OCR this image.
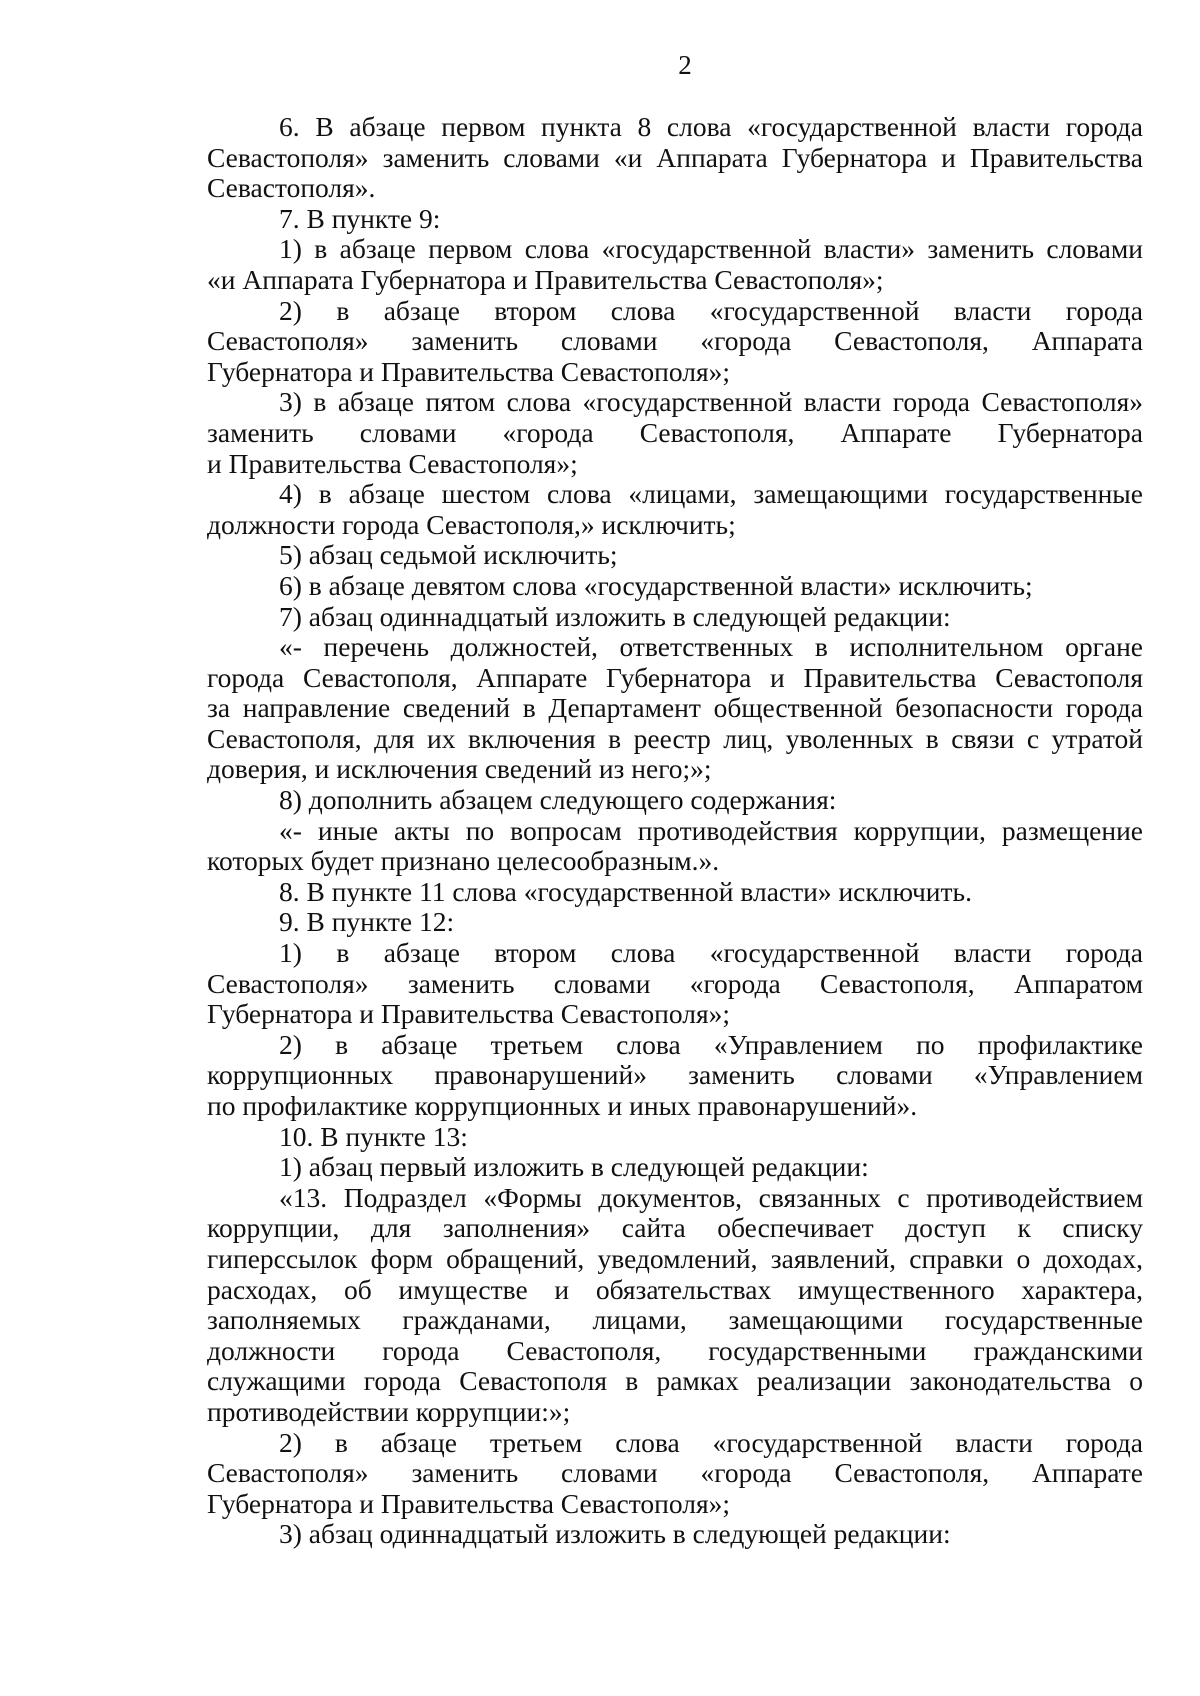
2
6. В абзаце первом пункта 8 слова «государственной власти города
Севастополя» заменить словами «и Аппарата Губернатора и Правительства
Севастополя».
7. В пункте 9:
1) в абзаце первом слова «государственной власти» заменить словами
«и Аппарата Губернатора и Правительства Севастополя»;
2) в абзаце втором слова «государственной власти города
Севастополя» заменить словами «города Севастополя, Аппарата
Губернатора и Правительства Севастополя»;
3) в абзаце пятом слова «государственной власти города Севастополя»
заменить словами «города Севастополя, Аппарате Губернатора
и Правительства Севастополя»;
4) в абзаце шестом слова «лицами, замещающими государственные
должности города Севастополя,» исключить;
5) абзац седьмой исключить;
6) в абзаце девятом слова «государственной власти» исключить;
7) абзац одиннадцатый изложить в следующей редакции:
«- перечень должностей, ответственных в исполнительном органе
города Севастополя, Аппарате Губернатора и Правительства Севастополя
за направление сведений в Департамент общественной безопасности города
Севастополя, для их включения в реестр лиц, уволенных в связи с утратой
доверия, и исключения сведений из него;»;
8) дополнить абзацем следующего содержания:
«- иные акты по вопросам противодействия коррупции, размещение
которых будет признано целесообразным.».
8. В пункте 11 слова «государственной власти» исключить.
9. В пункте 12:
1) в абзаце втором слова «государственной власти города
Севастополя» заменить словами «города Севастополя, Аппаратом
Губернатора и Правительства Севастополя»;
2) в абзаце третьем слова «Управлением по профилактике
коррупционных правонарушений» заменить словами «Управлением
по профилактике коррупционных и иных правонарушений».
10. В пункте 13:
1) абзац первый изложить в следующей редакции:
«13. Подраздел «Формы документов, связанных с противодействием
коррупции, для заполнения» сайта обеспечивает доступ к списку
гиперссылок форм обращений, уведомлений, заявлений, справки о доходах,
расходах, об имуществе и обязательствах имущественного характера,
заполняемых гражданами, лицами, замещающими государственные
должности города Севастополя, государственными гражданскими
служащими города Севастополя в рамках реализации законодательства о
противодействии коррупции:»;
2) в абзаце третьем слова «государственной власти города
Севастополя» заменить словами «города Севастополя, Аппарате
Губернатора и Правительства Севастополя»;
3) абзац одиннадцатый изложить в следующей редакции:
